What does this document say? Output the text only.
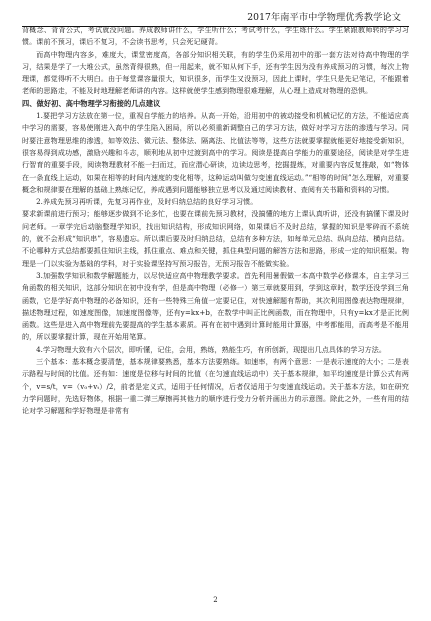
2017年南平市中学物理优秀教学论文

背概念、背背公式，考试就没问题。养成教师讲什么，学生听什么；考试考什么，学生练什么。学生紧跟教师转的学习习惯。课前不预习，课后不复习，不会读书思考，只会死记硬背。

而高中物理内容多，难度大，课堂密度高，各部分知识相关联，有的学生仍采用初中的那一套方法对待高中物理的学习，结果是学了一大堆公式，虽然背得很熟，但一用起来，就不知从何下手，还有学生因为没有养成预习的习惯，每次上物理课，都觉得听不大明白。由于每堂课容量很大，知识很多，而学生又没预习，因此上课时，学生只是先记笔记，不能跟着老师的思路走，不能及时地理解老师讲的内容。这样就使学生感到物理很难理解，从心理上造成对物理的恐惧。

四、做好初、高中物理学习衔接的几点建议

1.要把学习方法放在第一位，重视自学能力的培养。从高一开始，沿用初中的被动接受和机械记忆的方法，不能适应高中学习的需要，容易使刚进入高中的学生陷入困局，所以必须重新调整自己的学习方法，做好对学习方法的渗透与学习。同时要注意物理思维的渗透，如等效法、微元法、整体法、隔离法、比值法等等，这些方法就要掌握就能更好地接受新知识，很容易得到成功感，激励兴趣和斗志，顺利地从初中过渡到高中的学习。阅读是提高自学能力的重要途径，阅读是对学生进行智育的重要手段，阅读物理教材不能一扫而过，而应潜心研读，边读边思考，挖掘提炼，对重要内容反复推敲，如“物体在一条直线上运动，如果在相等的时间内速度的变化相等，这种运动叫做匀变速直线运动。”“相等的时间”怎么理解，对重要概念和规律要在理解的基础上熟练记忆，养成遇到问题能够独立思考以及通过阅读教材、查阅有关书籍和资料的习惯。

2.养成先预习再听课，先复习再作业，及时归纳总结的良好学习习惯。

要求新课前进行预习；能够逐步做到不论多忙，也要在课前先预习教材，没搞懂的地方上课认真听讲，还没有搞懂下课及时问老师。一章学完后动脑整理学知识，找出知识结构，形成知识网络，如果课后不及时总结，掌握的知识是零碎而不系统的，就不会形成“知识串”，容易遗忘。所以课后要及时归纳总结，总结有多种方法，如每单元总结、纵向总结、横向总结。不论哪种方式总结都要抓住知识主线，抓住重点、难点和关键，抓住典型问题的解答方法和思路，形成一定的知识框架。物理是一门以实验为基础的学科，对于实验课坚持写预习报告，无预习报告不能做实验。

3.加强数学知识和数学解题能力，以尽快适应高中物理教学要求。首先利用暑假做一本高中数学必修课本，自主学习三角函数的相关知识，这部分知识在初中没有学，但是高中物理（必修一）第三章就要用到，学到这章时，数学还没学到三角函数，它是学好高中物理的必备知识，还有一些特殊三角值一定要记住，对快速解题有帮助，其次利用图像表达物理规律，描述物理过程，如速度图像，加速度图像等，还有y=kx+b，在数学中叫正比例函数，而在物理中，只有y=kx才是正比例函数。这些是进入高中物理前先要提高的学生基本素质。再有在初中遇到计算时能用计算器，中考都能用，而高考是不能用的，所以要掌握计算，现在开始用笔算。

4.学习物理大致有六个层次，即听懂，记住，会用，熟练，熟能生巧，有所创新，现提出几点具体的学习方法。

三个基本：基本概念要清楚，基本规律要熟悉，基本方法要熟练。如速率，有两个意思：一是表示速度的大小；二是表示路程与时间的比值。还有如：速度是位移与时间的比值（在匀速直线运动中）关于基本规律，如平均速度是计算公式有两个，v=s/t，v=（v₀+vₜ）/2，前者是定义式，适用于任何情况，后者仅适用于匀变速直线运动。关于基本方法，如在研究力学问题时，先选好物体，根据一重二弹三摩擦再其他力的顺序进行受力分析并画出力的示意图。除此之外，一些有用的结论对学习解题和学好物理是非常有

2
